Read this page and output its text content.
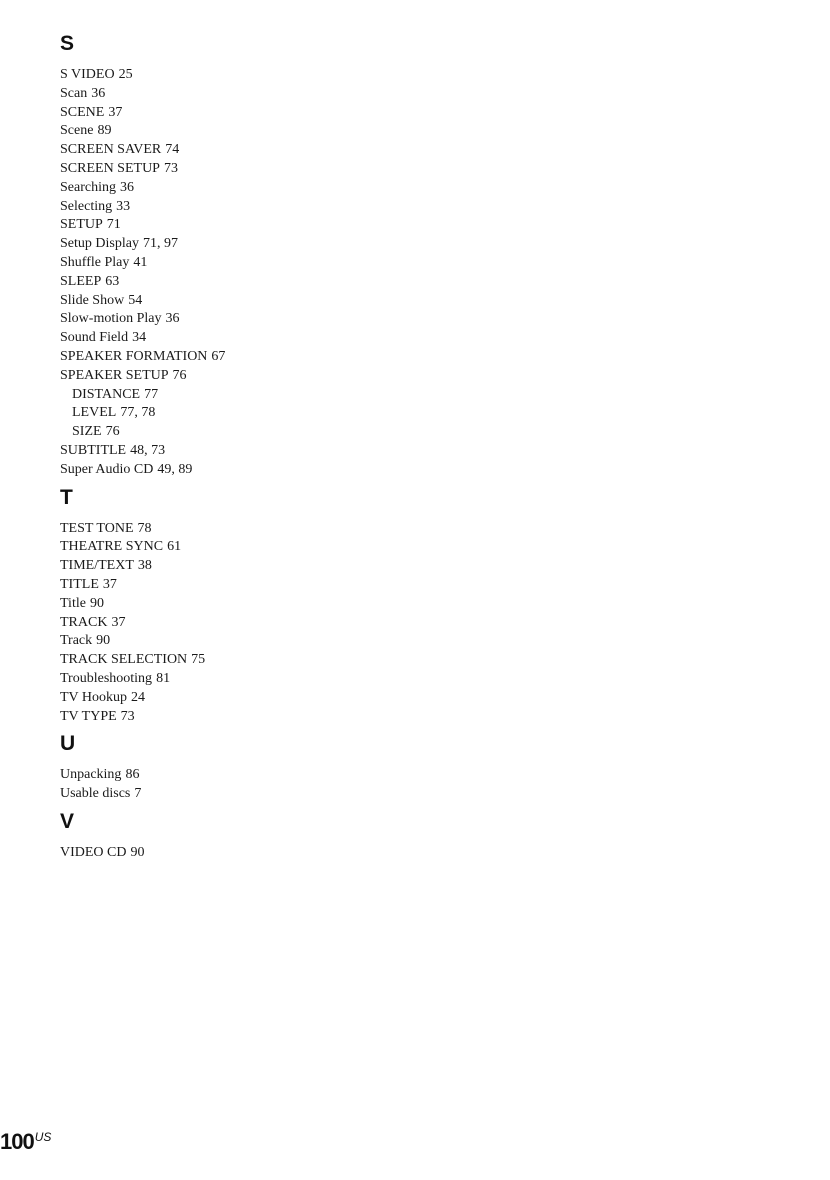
S
S VIDEO 25
Scan 36
SCENE 37
Scene 89
SCREEN SAVER 74
SCREEN SETUP 73
Searching 36
Selecting 33
SETUP 71
Setup Display 71, 97
Shuffle Play 41
SLEEP 63
Slide Show 54
Slow-motion Play 36
Sound Field 34
SPEAKER FORMATION 67
SPEAKER SETUP 76
DISTANCE 77
LEVEL 77, 78
SIZE 76
SUBTITLE 48, 73
Super Audio CD 49, 89
T
TEST TONE 78
THEATRE SYNC 61
TIME/TEXT 38
TITLE 37
Title 90
TRACK 37
Track 90
TRACK SELECTION 75
Troubleshooting 81
TV Hookup 24
TV TYPE 73
U
Unpacking 86
Usable discs 7
V
VIDEO CD 90
$100^{US}$
